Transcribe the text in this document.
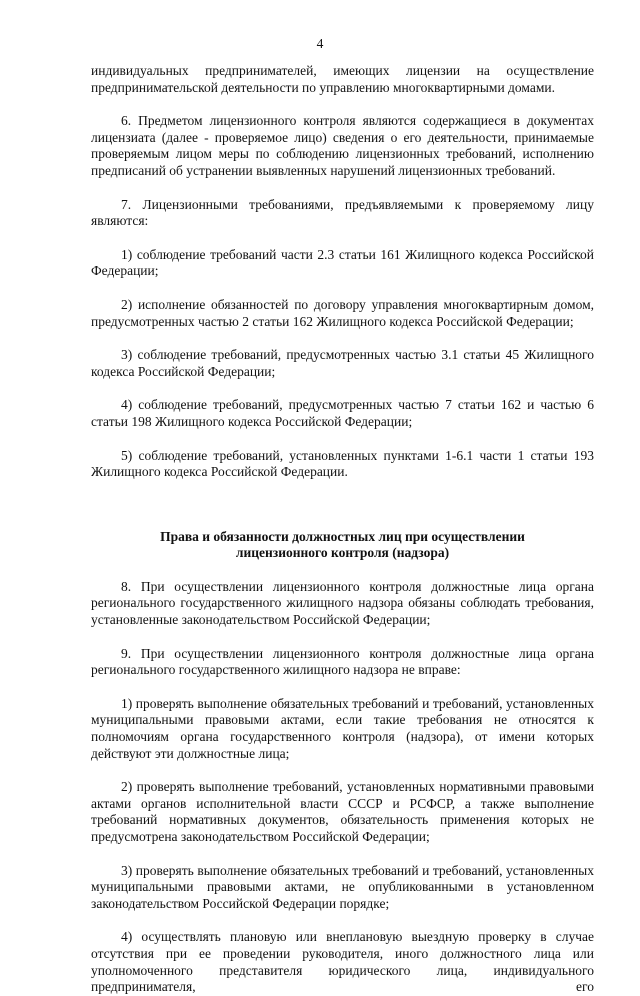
4

индивидуальных предпринимателей, имеющих лицензии на осуществление

предпринимательской деятельности по управлению многоквартирными домами.

6. Предметом лицензионного контроля являются содержащиеся в документах лицензиата (далее - проверяемое лицо) сведения о его деятельности, принимаемые проверяемым лицом меры по соблюдению лицензионных требований, исполнению предписаний об устранении выявленных нарушений лицензионных требований.

7. Лицензионными требованиями, предъявляемыми к проверяемому лицу являются:

1) соблюдение требований части 2.3 статьи 161 Жилищного кодекса Российской Федерации;

2) исполнение обязанностей по договору управления многоквартирным домом, предусмотренных частью 2 статьи 162 Жилищного кодекса Российской Федерации;

3) соблюдение требований, предусмотренных частью 3.1 статьи 45 Жилищного кодекса Российской Федерации;

4) соблюдение требований, предусмотренных частью 7 статьи 162 и частью 6 статьи 198 Жилищного кодекса Российской Федерации;

5) соблюдение требований, установленных пунктами 1-6.1 части 1 статьи 193 Жилищного кодекса Российской Федерации.

Права и обязанности должностных лиц при осуществлении

лицензионного контроля (надзора)

8. При осуществлении лицензионного контроля должностные лица органа регионального государственного жилищного надзора обязаны соблюдать требования, установленные законодательством Российской Федерации;

9. При осуществлении лицензионного контроля должностные лица органа регионального государственного жилищного надзора не вправе:

1) проверять выполнение обязательных требований и требований, установленных муниципальными правовыми актами, если такие требования не относятся к полномочиям органа государственного контроля (надзора), от имени которых действуют эти должностные лица;

2) проверять выполнение требований, установленных нормативными правовыми актами органов исполнительной власти СССР и РСФСР, а также выполнение требований нормативных документов, обязательность применения которых не предусмотрена законодательством Российской Федерации;

3) проверять выполнение обязательных требований и требований, установленных муниципальными правовыми актами, не опубликованными в установленном законодательством Российской Федерации порядке;

4) осуществлять плановую или внеплановую выездную проверку в случае отсутствия при ее проведении руководителя, иного должностного лица или уполномоченного представителя юридического лица, индивидуального предпринимателя, его
